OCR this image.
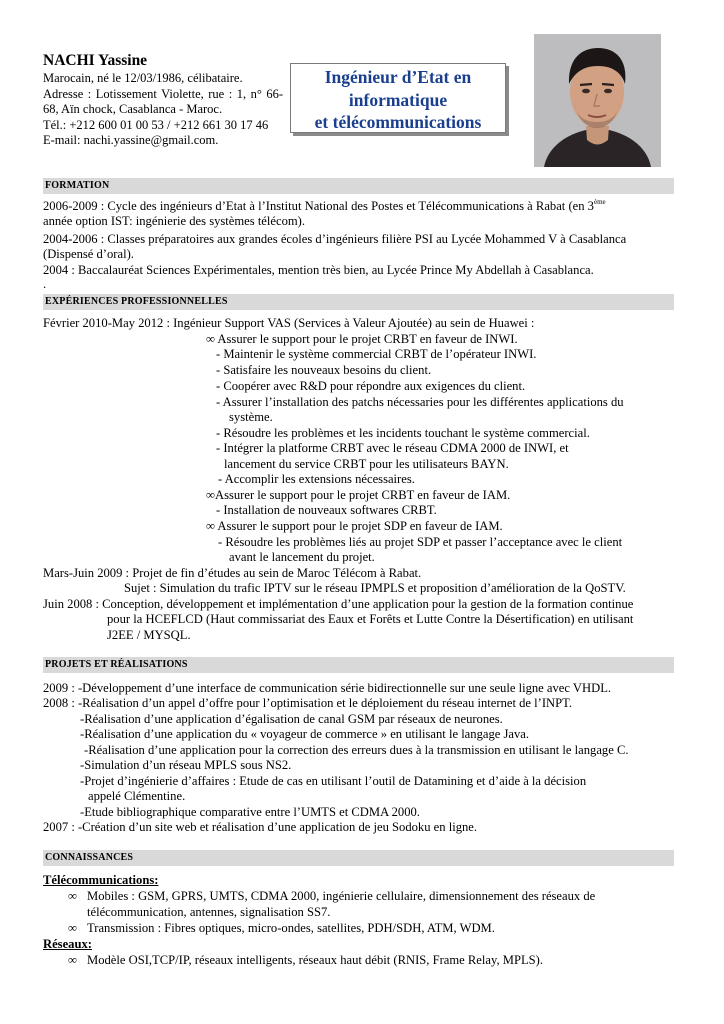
NACHI Yassine
Marocain, né le 12/03/1986, célibataire.
Adresse : Lotissement Violette, rue : 1, n° 66-68, Aïn chock, Casablanca - Maroc.
Tél.: +212 600 01 00 53 / +212 661 30 17 46
E-mail: nachi.yassine@gmail.com.
Ingénieur d’Etat en
informatique
et télécommunications
FORMATION
2006-2009 : Cycle des ingénieurs d’Etat à l’Institut National des Postes et Télécommunications à Rabat (en 3ème
année option IST: ingénierie des systèmes télécom).
2004-2006 : Classes préparatoires aux grandes écoles d’ingénieurs filière PSI au Lycée Mohammed V à Casablanca
(Dispensé d’oral).
2004 : Baccalauréat Sciences Expérimentales, mention très bien, au Lycée Prince My Abdellah à Casablanca.
.
EXPÉRIENCES PROFESSIONNELLES
Février 2010-May 2012 : Ingénieur Support VAS (Services à Valeur Ajoutée) au sein de Huawei :
∞ Assurer le support pour le projet CRBT en faveur de INWI.
- Maintenir le système commercial CRBT de l’opérateur INWI.
- Satisfaire les nouveaux besoins du client.
- Coopérer avec R&D pour répondre aux exigences du client.
- Assurer l’installation des patchs nécessaries pour les différentes applications du
système.
- Résoudre les problèmes et les incidents touchant le système commercial.
- Intégrer la platforme CRBT avec le réseau CDMA 2000 de INWI, et
lancement du service CRBT pour les utilisateurs BAYN.
- Accomplir les extensions nécessaires.
∞Assurer le support pour le projet CRBT en faveur de IAM.
- Installation de nouveaux softwares CRBT.
∞ Assurer le support pour le projet SDP en faveur de IAM.
- Résoudre les problèmes liés au projet SDP et passer l’acceptance avec le client
avant le lancement du projet.
Mars-Juin 2009 : Projet de fin d’études au sein de Maroc Télécom à Rabat.
Sujet : Simulation du trafic IPTV sur le réseau IPMPLS et proposition d’amélioration de la QoSTV.
Juin 2008 : Conception, développement et implémentation d’une application pour la gestion de la formation continue
pour la HCEFLCD (Haut commissariat des Eaux et Forêts et Lutte Contre la Désertification) en utilisant
J2EE / MYSQL.
PROJETS ET RÉALISATIONS
2009 : -Développement d’une interface de communication série bidirectionnelle sur une seule ligne avec VHDL.
2008 : -Réalisation d’un appel d’offre pour l’optimisation et le déploiement du réseau internet de l’INPT.
-Réalisation d’une application d’égalisation de canal GSM par réseaux de neurones.
-Réalisation d’une application du « voyageur de commerce » en utilisant le langage Java.
-Réalisation d’une application pour la correction des erreurs dues à la transmission en utilisant le langage C.
-Simulation d’un réseau MPLS sous NS2.
-Projet d’ingénierie d’affaires : Etude de cas en utilisant l’outil de Datamining et d’aide à la décision
appelé Clémentine.
-Etude bibliographique comparative entre l’UMTS et CDMA 2000.
2007 : -Création d’un site web et réalisation d’une application de jeu Sodoku en ligne.
CONNAISSANCES
Télécommunications:
∞ Mobiles : GSM, GPRS, UMTS, CDMA 2000, ingénierie cellulaire, dimensionnement des réseaux de
télécommunication, antennes, signalisation SS7.
∞ Transmission : Fibres optiques, micro-ondes, satellites, PDH/SDH, ATM, WDM.
Réseaux:
∞ Modèle OSI,TCP/IP, réseaux intelligents, réseaux haut débit (RNIS, Frame Relay, MPLS).
